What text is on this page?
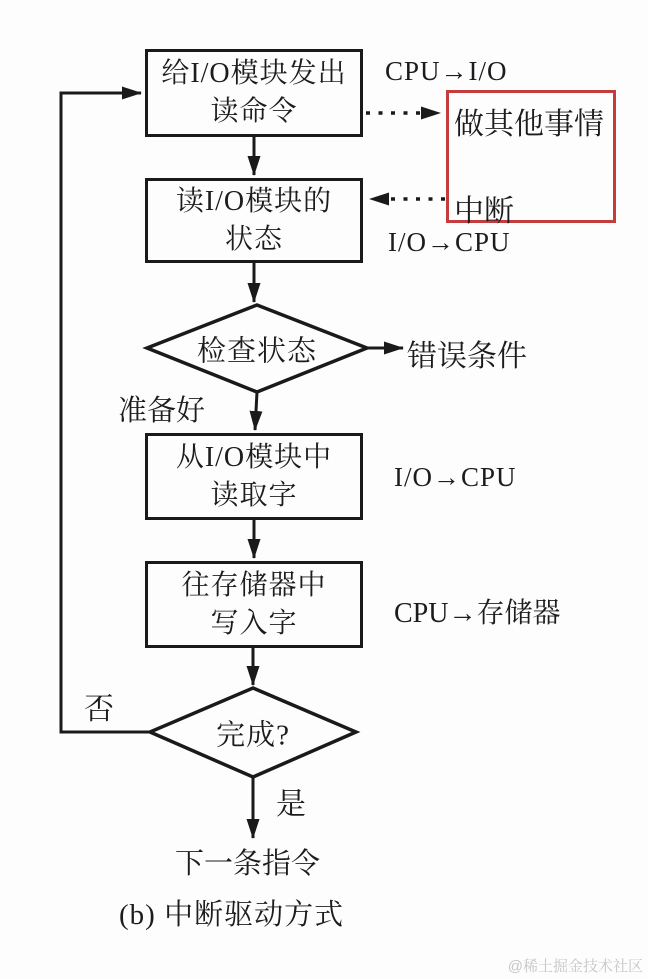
给I/O模块发出
读命令
读I/O模块的
状态
检查状态
从I/O模块中
读取字
往存储器中
写入字
完成?
CPU→I/O
做其他事情
中断
I/O→CPU
错误条件
准备好
I/O→CPU
CPU→存储器
否
是
下一条指令
(b) 中断驱动方式
@稀土掘金技术社区
